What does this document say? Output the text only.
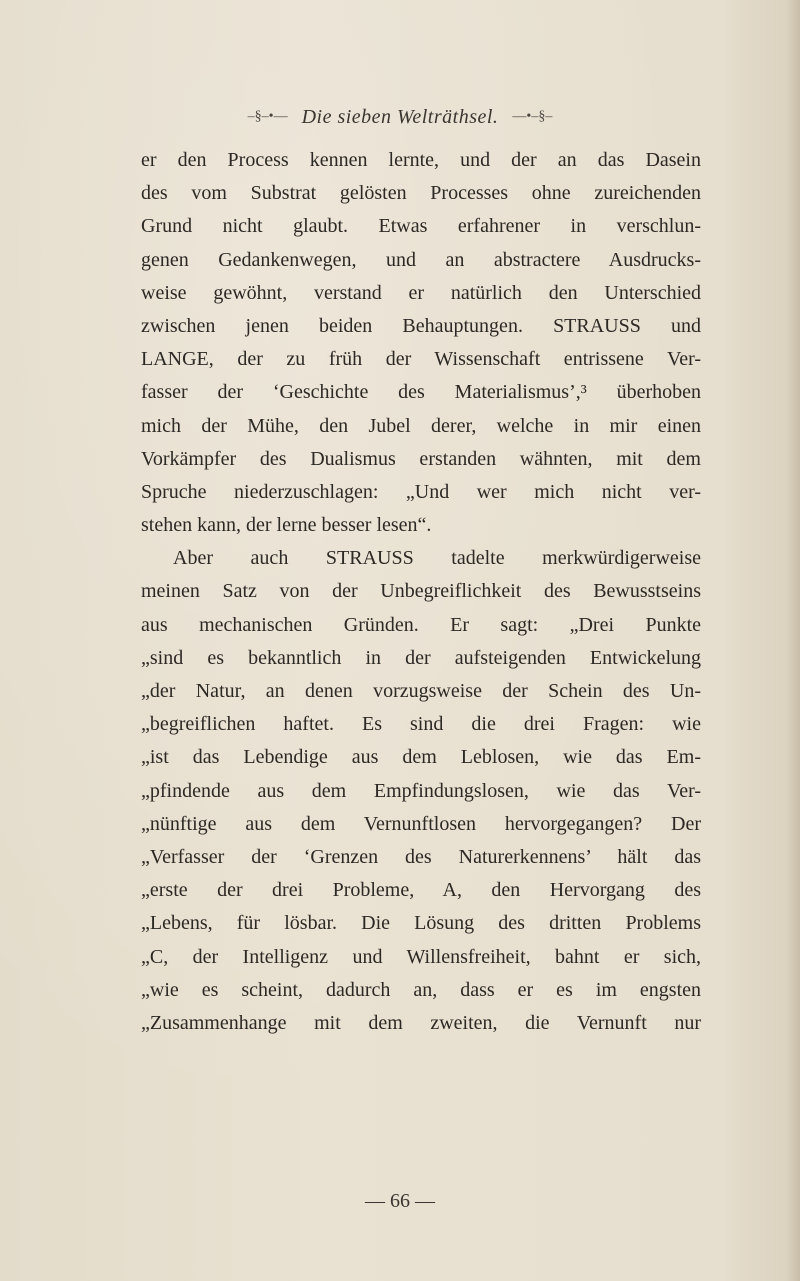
–§–•— Die sieben Welträthsel. —•–§–
er den Process kennen lernte, und der an das Dasein
des vom Substrat gelösten Processes ohne zureichenden
Grund nicht glaubt. Etwas erfahrener in verschlun-
genen Gedankenwegen, und an abstractere Ausdrucks-
weise gewöhnt, verstand er natürlich den Unterschied
zwischen jenen beiden Behauptungen. STRAUSS und
LANGE, der zu früh der Wissenschaft entrissene Ver-
fasser der ‘Geschichte des Materialismus’,³ überhoben
mich der Mühe, den Jubel derer, welche in mir einen
Vorkämpfer des Dualismus erstanden wähnten, mit dem
Spruche niederzuschlagen: „Und wer mich nicht ver-
stehen kann, der lerne besser lesen“.
Aber auch STRAUSS tadelte merkwürdigerweise
meinen Satz von der Unbegreiflichkeit des Bewusstseins
aus mechanischen Gründen. Er sagt: „Drei Punkte
„sind es bekanntlich in der aufsteigenden Entwickelung
„der Natur, an denen vorzugsweise der Schein des Un-
„begreiflichen haftet. Es sind die drei Fragen: wie
„ist das Lebendige aus dem Leblosen, wie das Em-
„pfindende aus dem Empfindungslosen, wie das Ver-
„nünftige aus dem Vernunftlosen hervorgegangen? Der
„Verfasser der ‘Grenzen des Naturerkennens’ hält das
„erste der drei Probleme, A, den Hervorgang des
„Lebens, für lösbar. Die Lösung des dritten Problems
„C, der Intelligenz und Willensfreiheit, bahnt er sich,
„wie es scheint, dadurch an, dass er es im engsten
„Zusammenhange mit dem zweiten, die Vernunft nur
— 66 —
